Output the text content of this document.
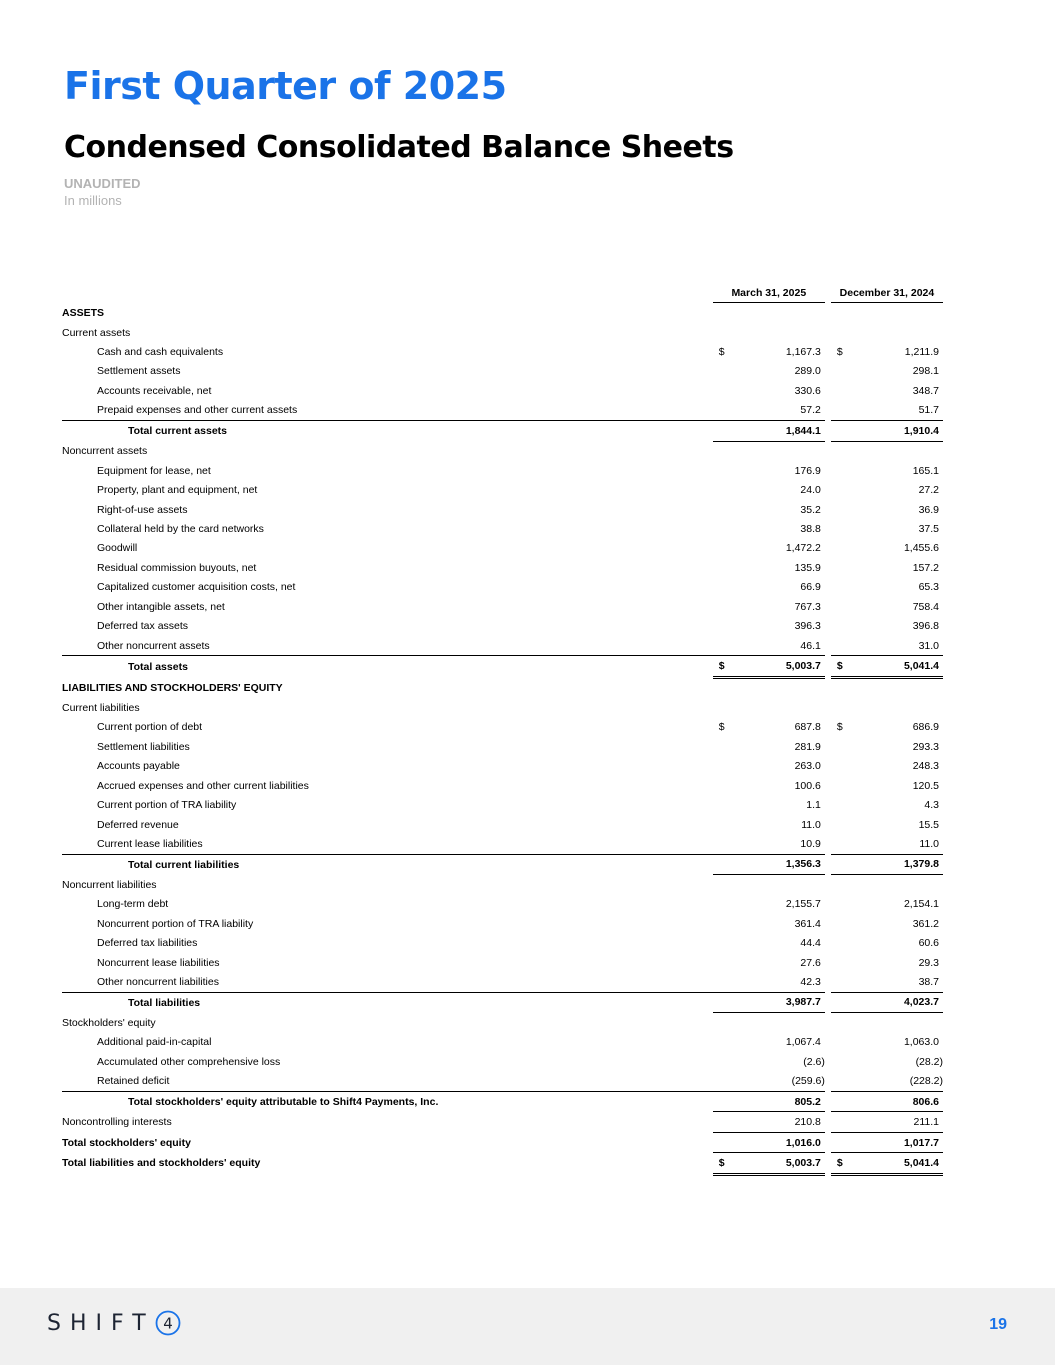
First Quarter of 2025
Condensed Consolidated Balance Sheets
UNAUDITED
In millions
	March 31, 2025		December 31, 2024
ASSETS			
Current assets			
Cash and cash equivalents	$ 1,167.3		$ 1,211.9

Settlement assets	289.0		298.1

Accounts receivable, net	330.6		348.7

Prepaid expenses and other current assets	57.2		51.7

Total current assets	1,844.1		1,910.4

Noncurrent assets			
Equipment for lease, net	176.9		165.1

Property, plant and equipment, net	24.0		27.2

Right-of-use assets	35.2		36.9

Collateral held by the card networks	38.8		37.5

Goodwill	1,472.2		1,455.6

Residual commission buyouts, net	135.9		157.2

Capitalized customer acquisition costs, net	66.9		65.3

Other intangible assets, net	767.3		758.4

Deferred tax assets	396.3		396.8

Other noncurrent assets	46.1		31.0

Total assets	$ 5,003.7		$ 5,041.4

LIABILITIES AND STOCKHOLDERS' EQUITY			
Current liabilities			
Current portion of debt	$ 687.8		$ 686.9

Settlement liabilities	281.9		293.3

Accounts payable	263.0		248.3

Accrued expenses and other current liabilities	100.6		120.5

Current portion of TRA liability	1.1		4.3

Deferred revenue	11.0		15.5

Current lease liabilities	10.9		11.0

Total current liabilities	1,356.3		1,379.8

Noncurrent liabilities			
Long-term debt	2,155.7		2,154.1

Noncurrent portion of TRA liability	361.4		361.2

Deferred tax liabilities	44.4		60.6

Noncurrent lease liabilities	27.6		29.3

Other noncurrent liabilities	42.3		38.7

Total liabilities	3,987.7		4,023.7

Stockholders' equity			
Additional paid-in-capital	1,067.4		1,063.0

Accumulated other comprehensive loss	(2.6)		(28.2)

Retained deficit	(259.6)		(228.2)

Total stockholders' equity attributable to Shift4 Payments, Inc.	805.2		806.6

Noncontrolling interests	210.8		211.1

Total stockholders' equity	1,016.0		1,017.7

Total liabilities and stockholders' equity	$ 5,003.7		$ 5,041.4
SHIFT 4	19
